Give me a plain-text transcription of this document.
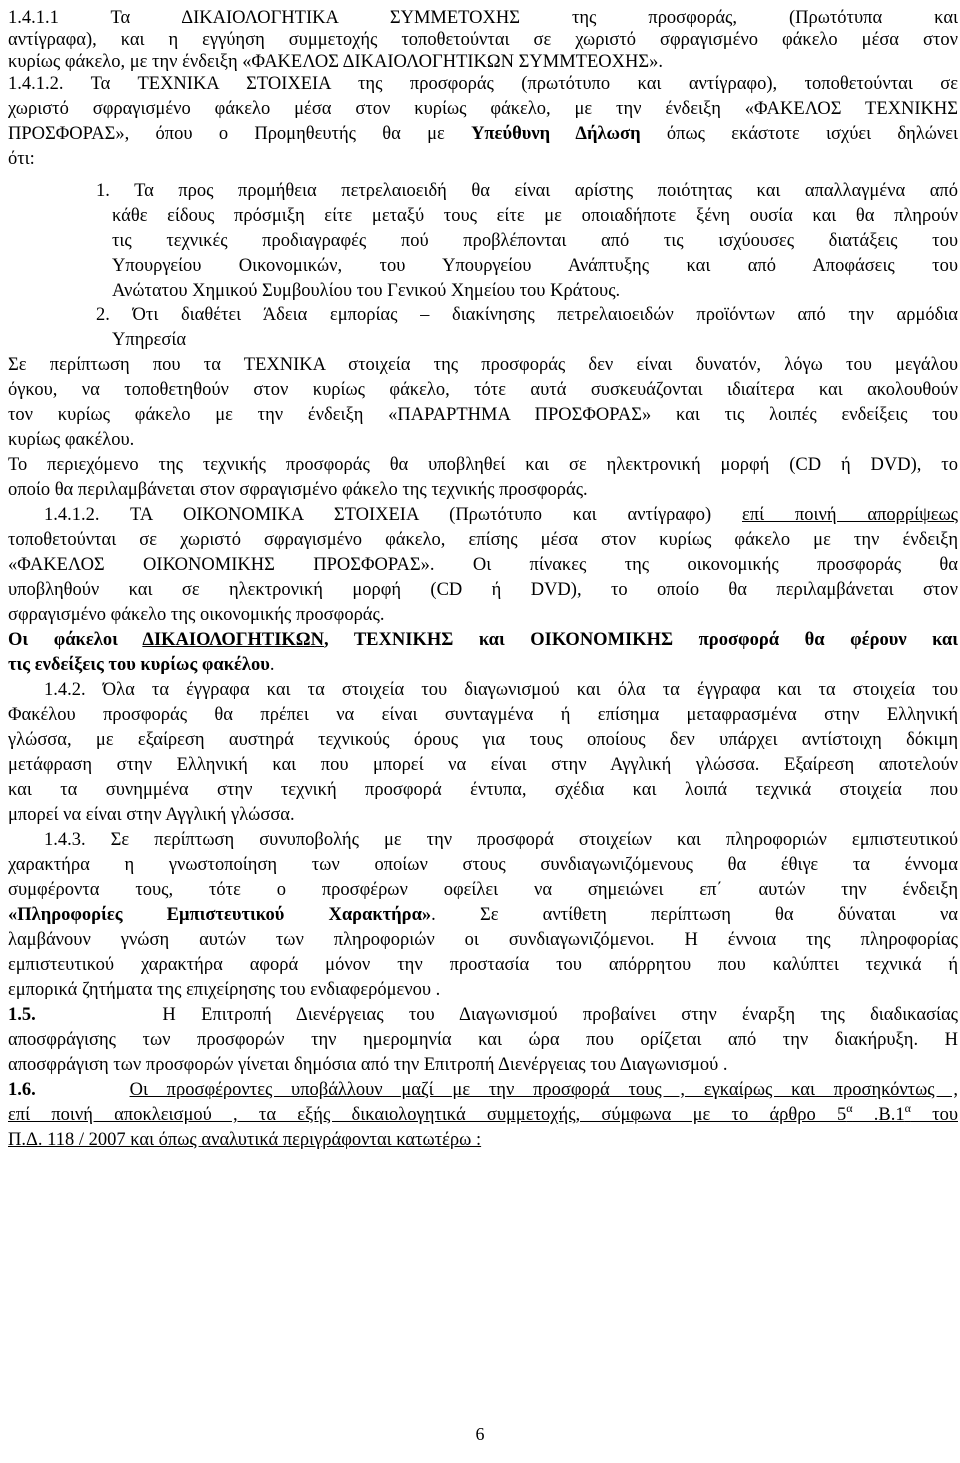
1.4.1.1 Τα ΔΙΚΑΙΟΛΟΓΗΤΙΚΑ ΣΥΜΜΕΤΟΧΗΣ της προσφοράς, (Πρωτότυπα και
αντίγραφα), και η εγγύηση συμμετοχής τοποθετούνται σε χωριστό σφραγισμένο φάκελο μέσα στον
κυρίως φάκελο, με την ένδειξη «ΦΑΚΕΛΟΣ ΔΙΚΑΙΟΛΟΓΗΤΙΚΩΝ ΣΥΜΜΤΕΟΧΗΣ».
1.4.1.2. Τα ΤΕΧΝΙΚΑ ΣΤΟΙΧΕΙΑ της προσφοράς (πρωτότυπο και αντίγραφο), τοποθετούνται σε
χωριστό σφραγισμένο φάκελο μέσα στον κυρίως φάκελο, με την ένδειξη «ΦΑΚΕΛΟΣ ΤΕΧΝΙΚΗΣ
ΠΡΟΣΦΟΡΑΣ», όπου ο Προμηθευτής θα με Υπεύθυνη Δήλωση όπως εκάστοτε ισχύει δηλώνει
ότι:
1. Τα προς προμήθεια πετρελαιοειδή θα είναι αρίστης ποιότητας και απαλλαγμένα από
κάθε είδους πρόσμιξη είτε μεταξύ τους είτε με οποιαδήποτε ξένη ουσία και θα πληρούν
τις τεχνικές προδιαγραφές πού προβλέπονται από τις ισχύουσες διατάξεις του
Υπουργείου Οικονομικών, του Υπουργείου Ανάπτυξης και από Αποφάσεις του
Ανώτατου Χημικού Συμβουλίου του Γενικού Χημείου του Κράτους.
2. Ότι διαθέτει Άδεια εμπορίας – διακίνησης πετρελαιοειδών προϊόντων από την αρμόδια
Υπηρεσία
Σε περίπτωση που τα ΤΕΧΝΙΚΑ στοιχεία της προσφοράς δεν είναι δυνατόν, λόγω του μεγάλου
όγκου, να τοποθετηθούν στον κυρίως φάκελο, τότε αυτά συσκευάζονται ιδιαίτερα και ακολουθούν
τον κυρίως φάκελο με την ένδειξη «ΠΑΡΑΡΤΗΜΑ ΠΡΟΣΦΟΡΑΣ» και τις λοιπές ενδείξεις του
κυρίως φακέλου.
Το περιεχόμενο της τεχνικής προσφοράς θα υποβληθεί και σε ηλεκτρονική μορφή (CD ή DVD), το
οποίο θα περιλαμβάνεται στον σφραγισμένο φάκελο της τεχνικής προσφοράς.
1.4.1.2. ΤΑ ΟΙΚΟΝΟΜΙΚΑ ΣΤΟΙΧΕΙΑ (Πρωτότυπο και αντίγραφο) επί ποινή απορρίψεως
τοποθετούνται σε χωριστό σφραγισμένο φάκελο, επίσης μέσα στον κυρίως φάκελο με την ένδειξη
«ΦΑΚΕΛΟΣ ΟΙΚΟΝΟΜΙΚΗΣ ΠΡΟΣΦΟΡΑΣ». Οι πίνακες της οικονομικής προσφοράς θα
υποβληθούν και σε ηλεκτρονική μορφή (CD ή DVD), το οποίο θα περιλαμβάνεται στον
σφραγισμένο φάκελο της οικονομικής προσφοράς.
Οι φάκελοι ΔΙΚΑΙΟΛΟΓΗΤΙΚΩΝ, ΤΕΧΝΙΚΗΣ και ΟΙΚΟΝΟΜΙΚΗΣ προσφορά θα φέρουν και
τις ενδείξεις του κυρίως φακέλου.
1.4.2. Όλα τα έγγραφα και τα στοιχεία του διαγωνισμού και όλα τα έγγραφα και τα στοιχεία του
Φακέλου προσφοράς θα πρέπει να είναι συνταγμένα ή επίσημα μεταφρασμένα στην Ελληνική
γλώσσα, με εξαίρεση αυστηρά τεχνικούς όρους για τους οποίους δεν υπάρχει αντίστοιχη δόκιμη
μετάφραση στην Ελληνική και που μπορεί να είναι στην Αγγλική γλώσσα. Εξαίρεση αποτελούν
και τα συνημμένα στην τεχνική προσφορά έντυπα, σχέδια και λοιπά τεχνικά στοιχεία που
μπορεί να είναι στην Αγγλική γλώσσα.
1.4.3. Σε περίπτωση συνυποβολής με την προσφορά στοιχείων και πληροφοριών εμπιστευτικού
χαρακτήρα η γνωστοποίηση των οποίων στους συνδιαγωνιζόμενους θα έθιγε τα έννομα
συμφέροντα τους, τότε ο προσφέρων οφείλει να σημειώνει επ΄ αυτών την ένδειξη
«Πληροφορίες Εμπιστευτικού Χαρακτήρα». Σε αντίθετη περίπτωση θα δύναται να
λαμβάνουν γνώση αυτών των πληροφοριών οι συνδιαγωνιζόμενοι. Η έννοια της πληροφορίας
εμπιστευτικού χαρακτήρα αφορά μόνον την προστασία του απόρρητου που καλύπτει τεχνικά ή
εμπορικά ζητήματα της επιχείρησης του ενδιαφερόμενου .
1.5.     Η Επιτροπή Διενέργειας του Διαγωνισμού προβαίνει στην έναρξη της διαδικασίας
αποσφράγισης των προσφορών την ημερομηνία και ώρα που ορίζεται από την διακήρυξη. Η
αποσφράγιση των προσφορών γίνεται δημόσια από την Επιτροπή Διενέργειας του Διαγωνισμού .
1.6.	Οι προσφέροντες υποβάλλουν μαζί με την προσφορά τους , εγκαίρως και προσηκόντως ,
επί ποινή αποκλεισμού , τα εξής δικαιολογητικά συμμετοχής, σύμφωνα με το άρθρο $5^\alpha$ $.B.1^\alpha$ του
Π.Δ. 118 / 2007 και όπως αναλυτικά περιγράφονται κατωτέρω :
6
